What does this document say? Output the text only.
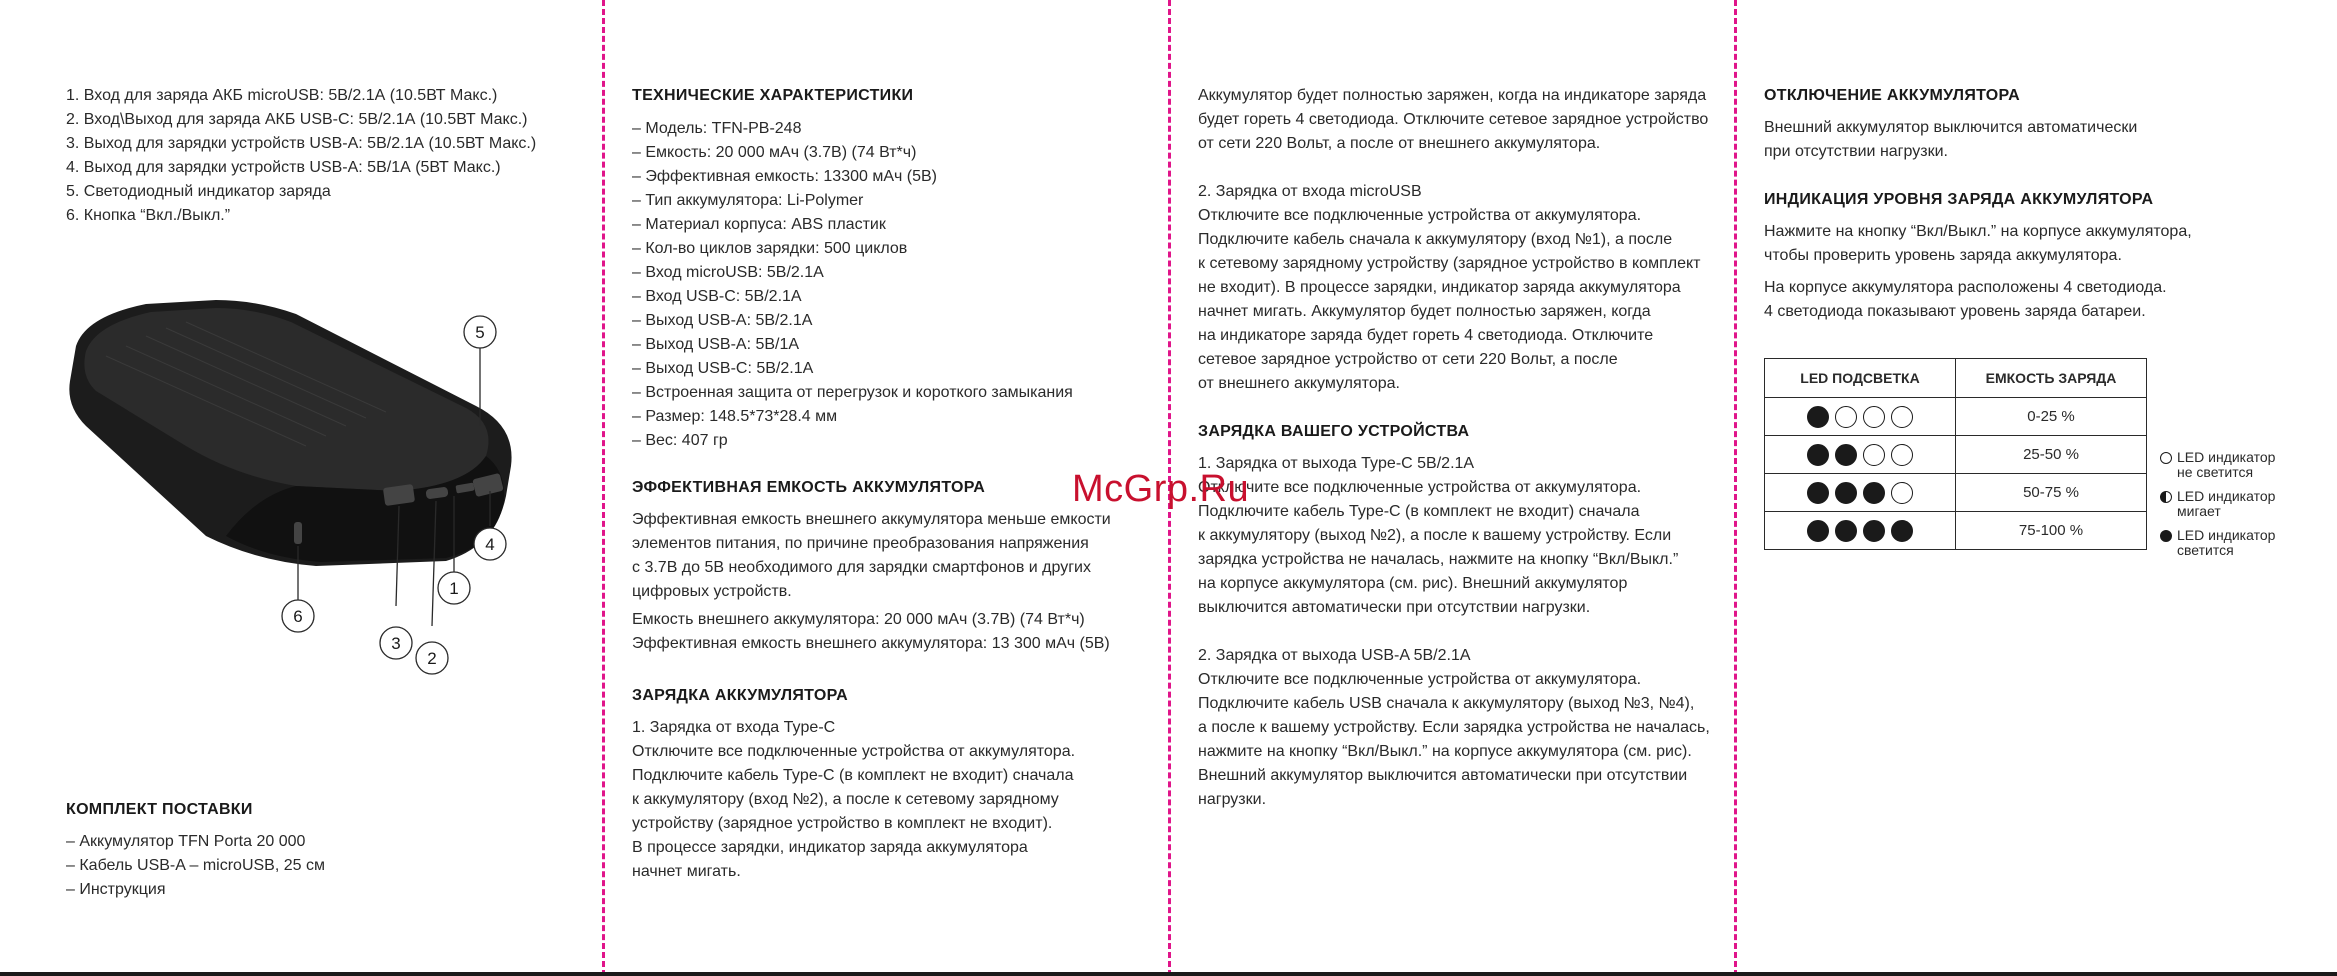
1. Вход для заряда АКБ microUSB: 5В/2.1А (10.5ВТ Макс.)
2. Вход\Выход для заряда АКБ USB-C: 5В/2.1А (10.5ВТ Макс.)
3. Выход для зарядки устройств USB-A: 5В/2.1А (10.5ВТ Макс.)
4. Выход для зарядки устройств USB-A: 5В/1А (5ВТ Макс.)
5. Светодиодный индикатор заряда
6. Кнопка “Вкл./Выкл.”
КОМПЛЕКТ ПОСТАВКИ
– Аккумулятор TFN Porta 20 000
– Кабель USB-A – microUSB, 25 см
– Инструкция
5
4
1
2
3
6
ТЕХНИЧЕСКИЕ ХАРАКТЕРИСТИКИ
– Модель: TFN-PB-248
– Емкость: 20 000 мАч (3.7В) (74 Вт*ч)
– Эффективная емкость: 13300 мАч (5В)
– Тип аккумулятора: Li-Polymer
– Материал корпуса: ABS пластик
– Кол-во циклов зарядки: 500 циклов
– Вход microUSB: 5В/2.1А
– Вход USB-C: 5В/2.1А
– Выход USB-A: 5В/2.1А
– Выход USB-A: 5В/1А
– Выход USB-C: 5В/2.1А
– Встроенная защита от перегрузок и короткого замыкания
– Размер: 148.5*73*28.4 мм
– Вес: 407 гр
ЭФФЕКТИВНАЯ ЕМКОСТЬ АККУМУЛЯТОРА

Эффективная емкость внешнего аккумулятора меньше емкости
элементов питания, по причине преобразования напряжения
с 3.7В до 5В необходимого для зарядки смартфонов и других
цифровых устройств.

Емкость внешнего аккумулятора: 20 000 мАч (3.7В) (74 Вт*ч)
Эффективная емкость внешнего аккумулятора: 13 300 мАч (5В)

ЗАРЯДКА АККУМУЛЯТОРА

1. Зарядка от входа Type-C

Отключите все подключенные устройства от аккумулятора.
Подключите кабель Type-C (в комплект не входит) сначала
к аккумулятору (вход №2), а после к сетевому зарядному
устройству (зарядное устройство в комплект не входит).
В процессе зарядки, индикатор заряда аккумулятора
начнет мигать.

Аккумулятор будет полностью заряжен, когда на индикаторе заряда
будет гореть 4 светодиода. Отключите сетевое зарядное устройство
от сети 220 Вольт, а после от внешнего аккумулятора.

2. Зарядка от входа microUSB

Отключите все подключенные устройства от аккумулятора.
Подключите кабель сначала к аккумулятору (вход №1), а после
к сетевому зарядному устройству (зарядное устройство в комплект
не входит). В процессе зарядки, индикатор заряда аккумулятора
начнет мигать. Аккумулятор будет полностью заряжен, когда
на индикаторе заряда будет гореть 4 светодиода. Отключите
сетевое зарядное устройство от сети 220 Вольт, а после
от внешнего аккумулятора.

ЗАРЯДКА ВАШЕГО УСТРОЙСТВА

1. Зарядка от выхода Type-C 5В/2.1А

Отключите все подключенные устройства от аккумулятора.
Подключите кабель Type-C (в комплект не входит) сначала
к аккумулятору (выход №2), а после к вашему устройству. Если
зарядка устройства не началась, нажмите на кнопку “Вкл/Выкл.”
на корпусе аккумулятора (см. рис). Внешний аккумулятор
выключится автоматически при отсутствии нагрузки.

2. Зарядка от выхода USB-A 5В/2.1А

Отключите все подключенные устройства от аккумулятора.
Подключите кабель USB сначала к аккумулятору (выход №3, №4),
а после к вашему устройству. Если зарядка устройства не началась,
нажмите на кнопку “Вкл/Выкл.” на корпусе аккумулятора (см. рис).
Внешний аккумулятор выключится автоматически при отсутствии
нагрузки.

ОТКЛЮЧЕНИЕ АККУМУЛЯТОРА

Внешний аккумулятор выключится автоматически
при отсутствии нагрузки.

ИНДИКАЦИЯ УРОВНЯ ЗАРЯДА АККУМУЛЯТОРА

Нажмите на кнопку “Вкл/Выкл.” на корпусе аккумулятора,
чтобы проверить уровень заряда аккумулятора.

На корпусе аккумулятора расположены 4 светодиода.
4 светодиода показывают уровень заряда батареи.

LED ПОДСВЕТКА	ЕМКОСТЬ ЗАРЯДА

	0-25 %

	25-50 %

	50-75 %

	75-100 %
LED индикатор
не светится
LED индикатор
мигает
LED индикатор
светится
McGrp.Ru
